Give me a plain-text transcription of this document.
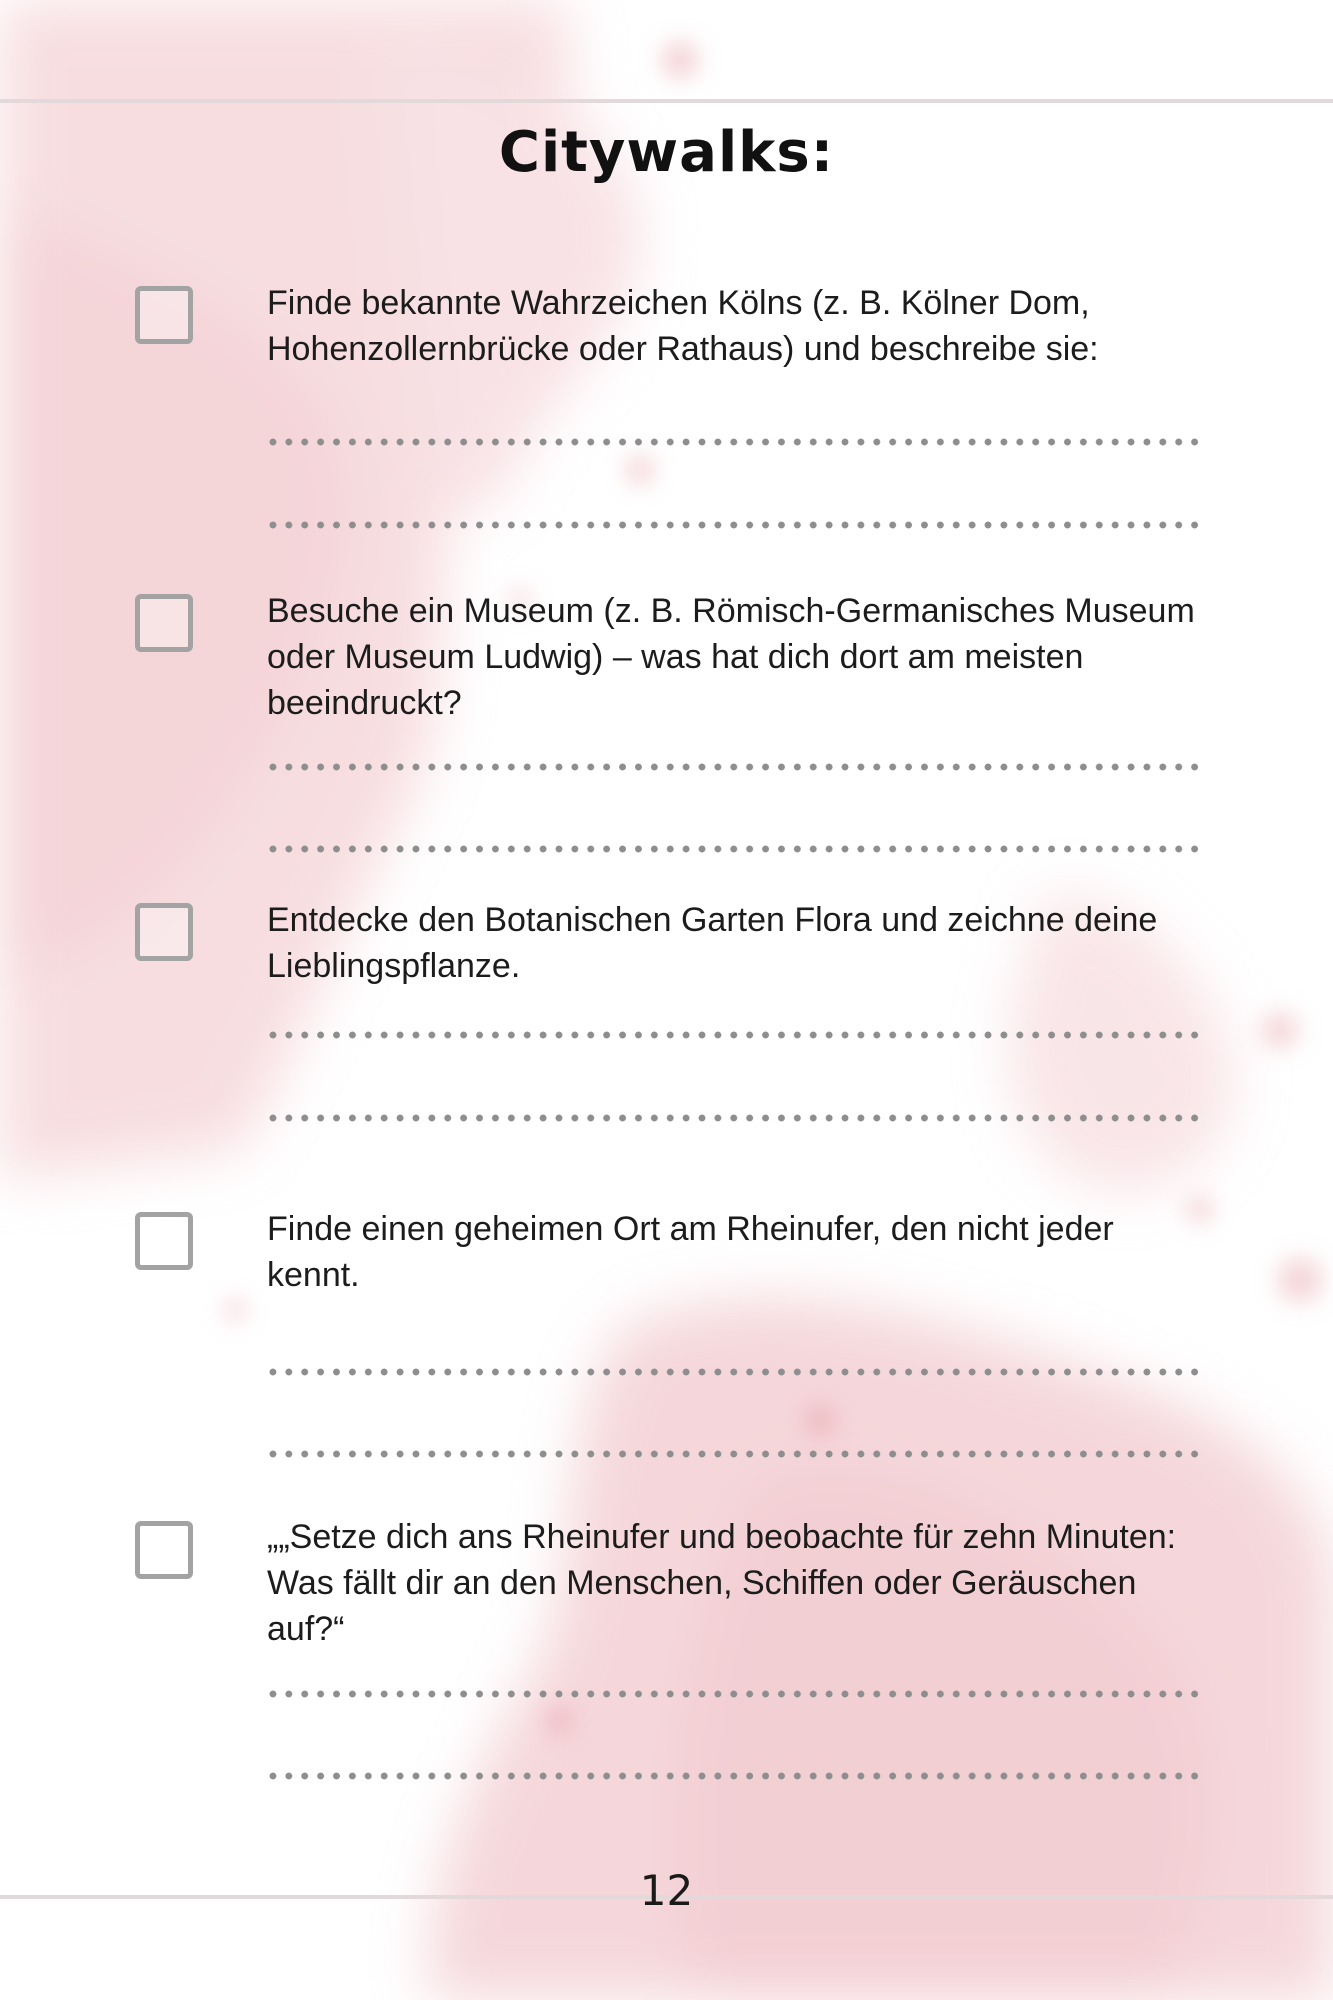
Citywalks:
Finde bekannte Wahrzeichen Kölns (z. B. Kölner Dom, Hohenzollernbrücke oder Rathaus) und beschreibe sie:
Besuche ein Museum (z. B. Römisch-Germanisches Museum oder Museum Ludwig) – was hat dich dort am meisten beeindruckt?
Entdecke den Botanischen Garten Flora und zeichne deine Lieblingspflanze.
Finde einen geheimen Ort am Rheinufer, den nicht jeder kennt.
„„Setze dich ans Rheinufer und beobachte für zehn Minuten: Was fällt dir an den Menschen, Schiffen oder Geräuschen auf?“
12
